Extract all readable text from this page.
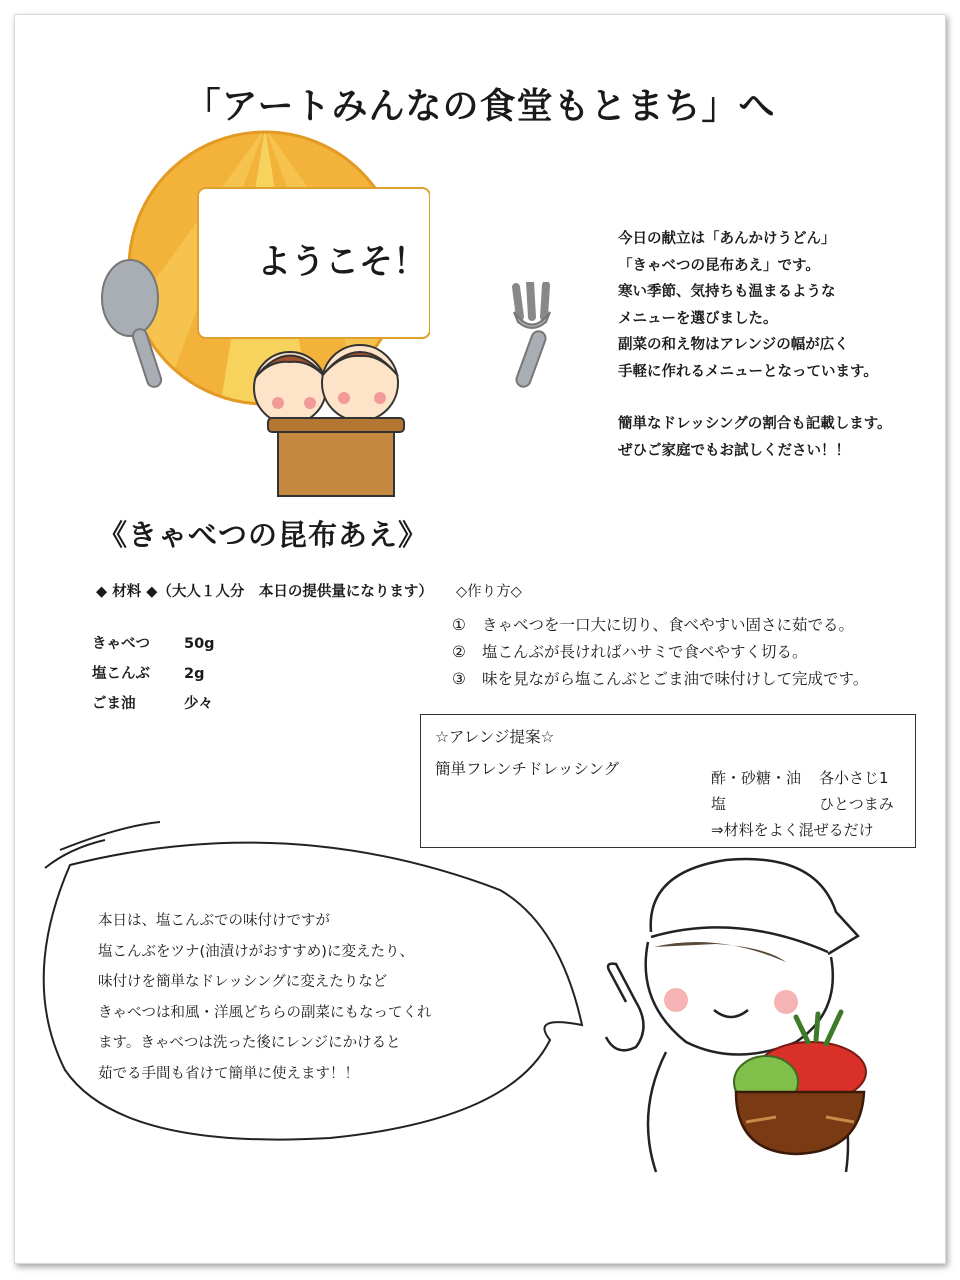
「アートみんなの食堂もとまち」へ
ようこそ！

今日の献立は「あんかけうどん」

「きゃべつの昆布あえ」です。

寒い季節、気持ちも温まるような

メニューを選びました。

副菜の和え物はアレンジの幅が広く

手軽に作れるメニューとなっています。

簡単なドレッシングの割合も記載します。

ぜひご家庭でもお試しください！！

《きゃべつの昆布あえ》
◆ 材料 ◆（大人１人分　本日の提供量になります）
きゃべつ 50g
塩こんぶ 2g
ごま油	少々
◇作り方◇
① きゃべつを一口大に切り、食べやすい固さに茹でる。
② 塩こんぶが長ければハサミで食べやすく切る。
③ 味を見ながら塩こんぶとごま油で味付けして完成です。
☆アレンジ提案☆
簡単フレンチドレッシング	酢・砂糖・油 各小さじ1
塩	ひとつまみ
⇒材料をよく混ぜるだけ

本日は、塩こんぶでの味付けですが

塩こんぶをツナ(油漬けがおすすめ)に変えたり、

味付けを簡単なドレッシングに変えたりなど

きゃべつは和風・洋風どちらの副菜にもなってくれ

ます。きゃべつは洗った後にレンジにかけると

茹でる手間も省けて簡単に使えます！！
